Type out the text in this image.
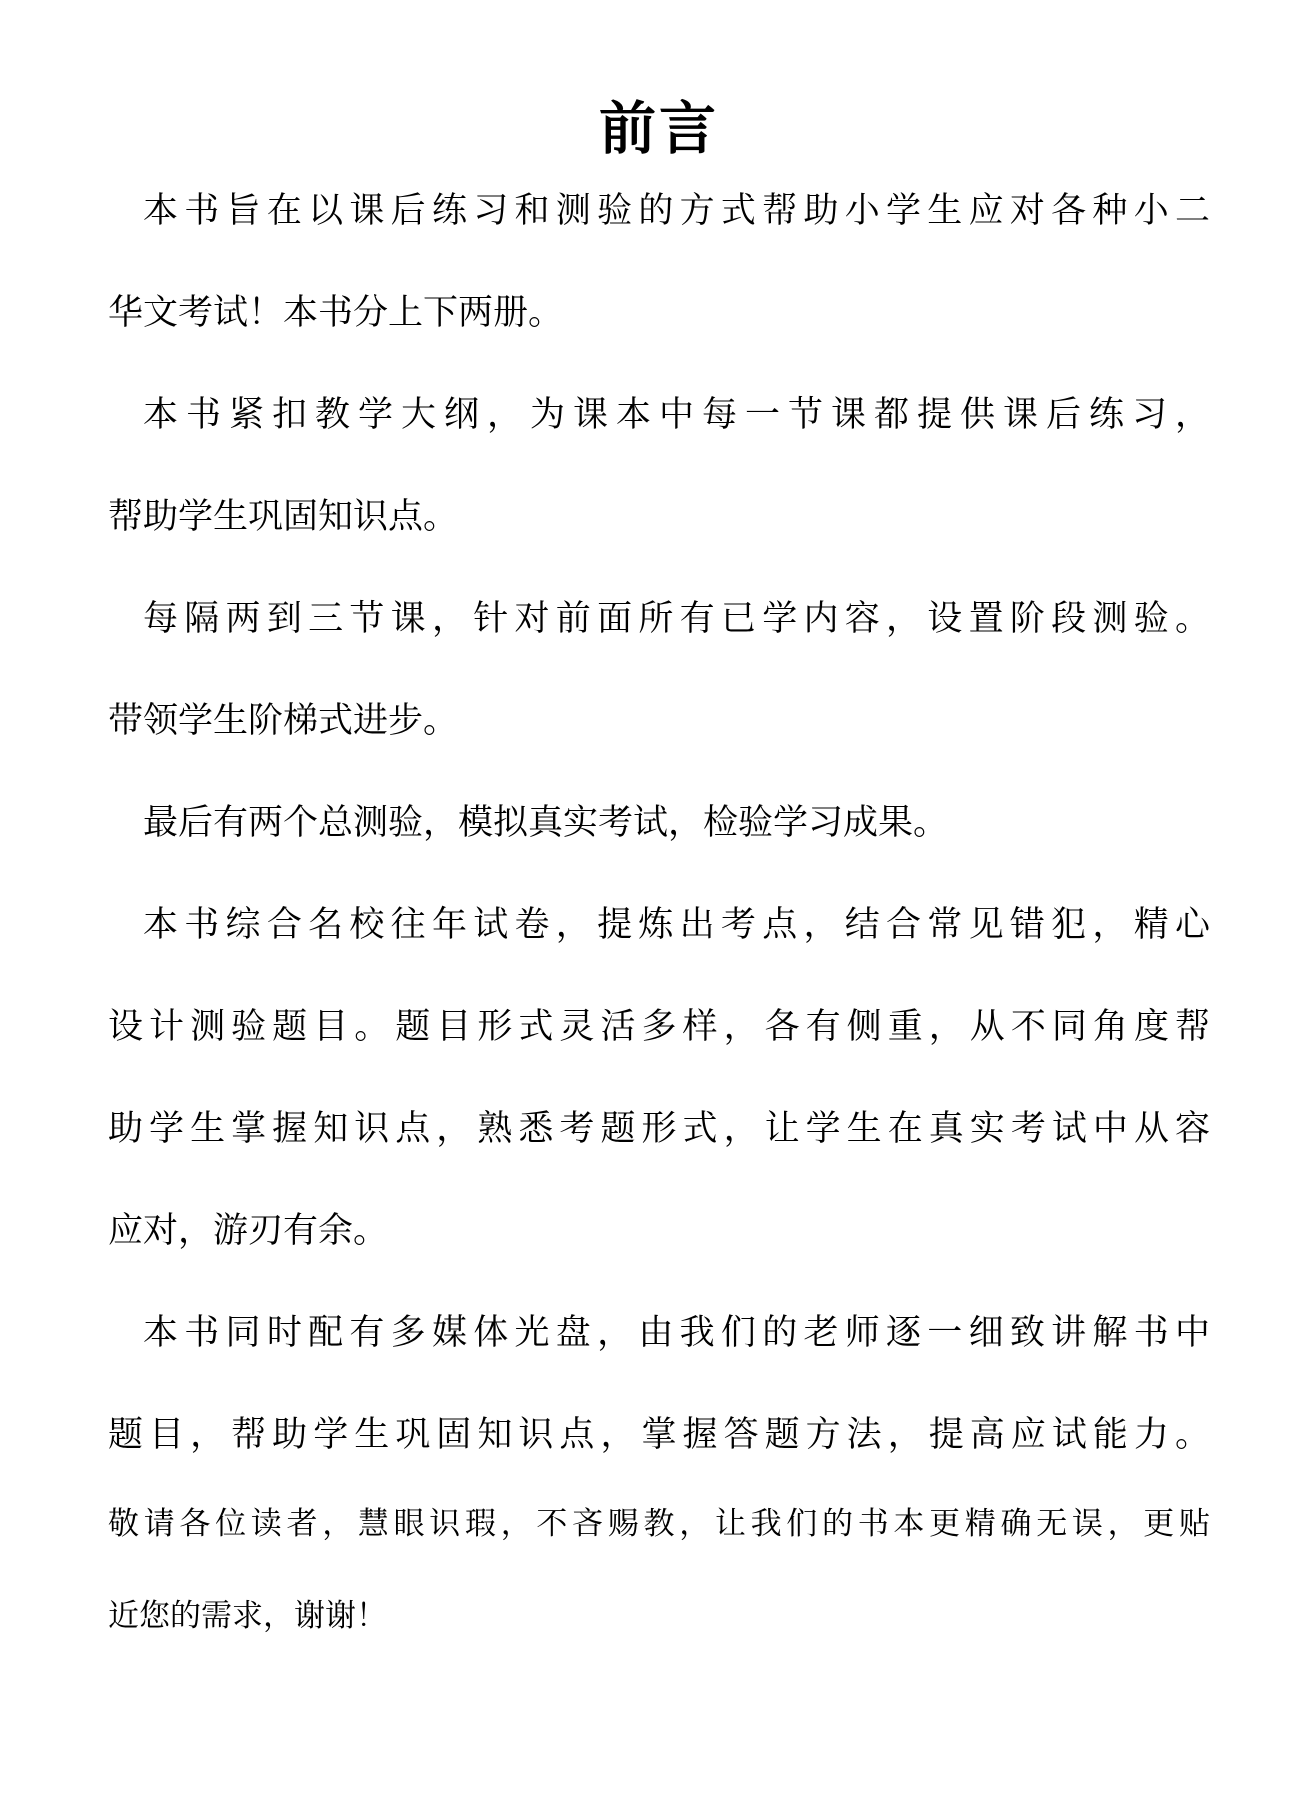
前言
本书旨在以课后练习和测验的方式帮助小学生应对各种小二
华文考试！本书分上下两册。
本书紧扣教学大纲，为课本中每一节课都提供课后练习，
帮助学生巩固知识点。
每隔两到三节课，针对前面所有已学内容，设置阶段测验。
带领学生阶梯式进步。
最后有两个总测验，模拟真实考试，检验学习成果。
本书综合名校往年试卷，提炼出考点，结合常见错犯，精心
设计测验题目。题目形式灵活多样，各有侧重，从不同角度帮
助学生掌握知识点，熟悉考题形式，让学生在真实考试中从容
应对，游刃有余。
本书同时配有多媒体光盘，由我们的老师逐一细致讲解书中
题目，帮助学生巩固知识点，掌握答题方法，提高应试能力。
敬请各位读者，慧眼识瑕，不吝赐教，让我们的书本更精确无误，更贴
近您的需求，谢谢！
